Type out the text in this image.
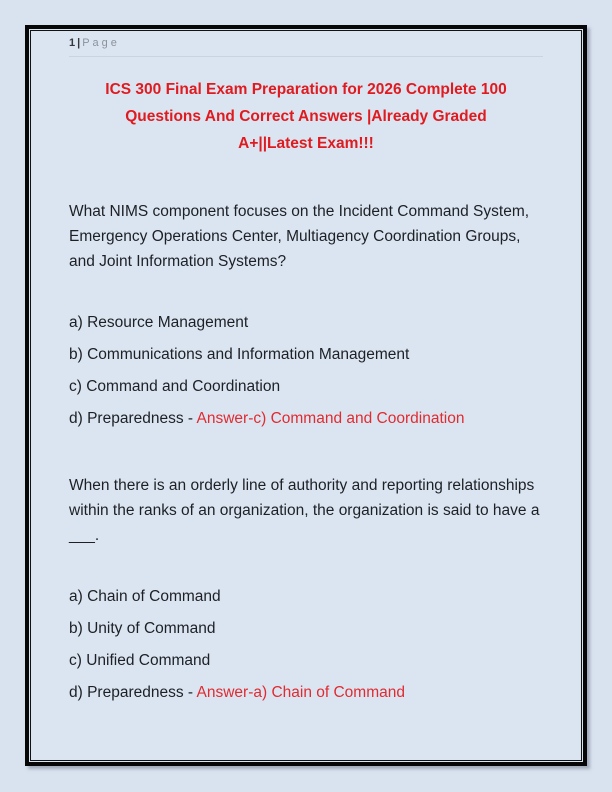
1 | Page
ICS 300 Final Exam Preparation for 2026 Complete 100
Questions And Correct Answers |Already Graded
A+||Latest Exam!!!

What NIMS component focuses on the Incident Command System, Emergency Operations Center, Multiagency Coordination Groups, and Joint Information Systems?

a) Resource Management

b) Communications and Information Management

c) Command and Coordination

d) Preparedness - Answer-c) Command and Coordination

When there is an orderly line of authority and reporting relationships within the ranks of an organization, the organization is said to have a ___.

a) Chain of Command

b) Unity of Command

c) Unified Command

d) Preparedness - Answer-a) Chain of Command
